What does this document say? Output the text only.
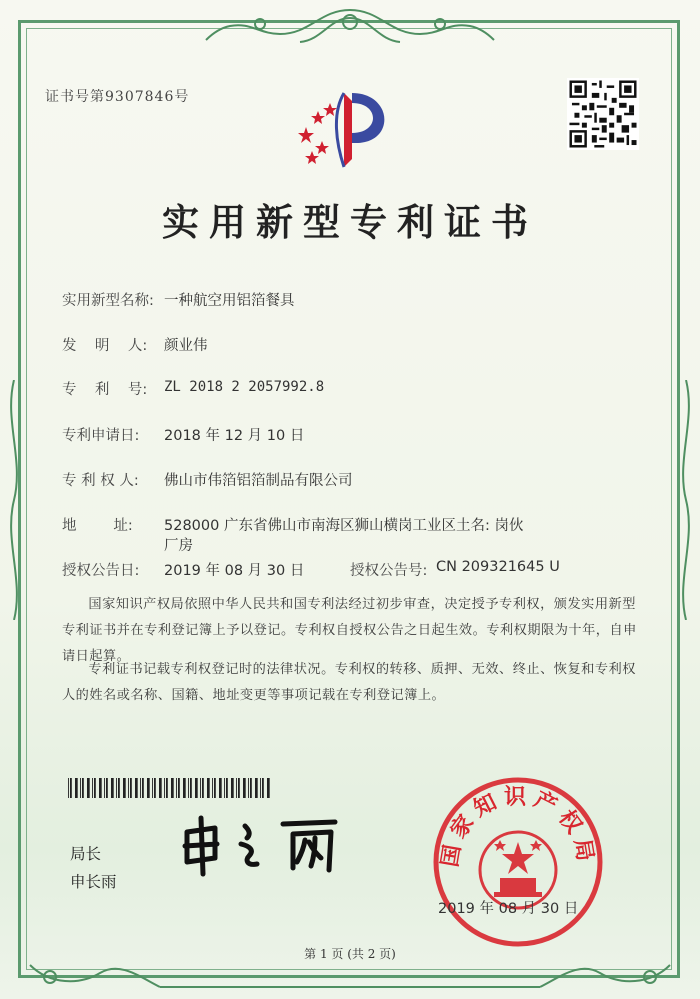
证书号第9307846号
实用新型专利证书
实用新型名称: 一种航空用铝箔餐具
发    明    人: 颜业伟
专    利    号: ZL 2018 2 2057992.8
专利申请日: 2018 年 12 月 10 日
专 利 权 人: 佛山市伟箔铝箔制品有限公司
地        址: 528000 广东省佛山市南海区狮山横岗工业区土名: 岗伙
厂房
授权公告日: 2019 年 08 月 30 日	授权公告号: CN 209321645 U
国家知识产权局依照中华人民共和国专利法经过初步审查，决定授予专利权，颁发实用新型专利证书并在专利登记簿上予以登记。专利权自授权公告之日起生效。专利权期限为十年，自申请日起算。
专利证书记载专利权登记时的法律状况。专利权的转移、质押、无效、终止、恢复和专利权人的姓名或名称、国籍、地址变更等事项记载在专利登记簿上。
局长
申长雨
国家知识产权局
2019 年 08 月 30 日
第 1 页 (共 2 页)
